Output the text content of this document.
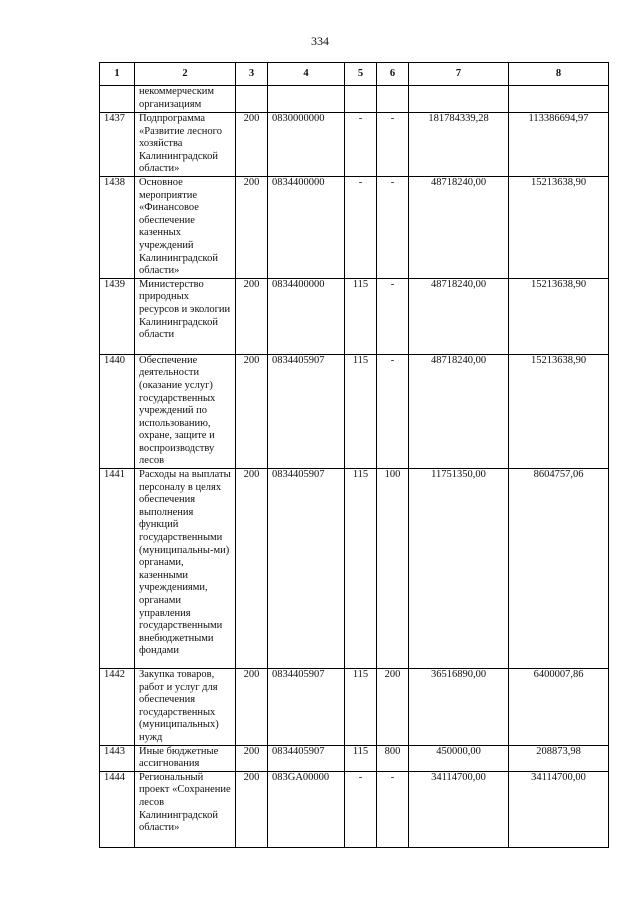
334
1	2	3	4	5	6	7	8
	некоммерческим организациям						
1437	Подпрограмма «Развитие лесного хозяйства Калининградской области»	200	0830000000	-	-	181784339,28	113386694,97
1438	Основное мероприятие «Финансовое обеспечение казенных учреждений Калининградской области»	200	0834400000	-	-	48718240,00	15213638,90
1439	Министерство природных ресурсов и экологии Калининградской области	200	0834400000	115	-	48718240,00	15213638,90
1440	Обеспечение деятельности (оказание услуг) государственных учреждений по использованию, охране, защите и воспроизводству лесов	200	0834405907	115	-	48718240,00	15213638,90
1441	Расходы на выплаты персоналу в целях обеспечения выполнения функций государственными (муниципальны-ми) органами, казенными учреждениями, органами управления государственными внебюджетными фондами	200	0834405907	115	100	11751350,00	8604757,06
1442	Закупка товаров, работ и услуг для обеспечения государственных (муниципальных) нужд	200	0834405907	115	200	36516890,00	6400007,86
1443	Иные бюджетные ассигнования	200	0834405907	115	800	450000,00	208873,98
1444	Региональный проект «Сохранение лесов Калининградской области»	200	083GA00000	-	-	34114700,00	34114700,00
